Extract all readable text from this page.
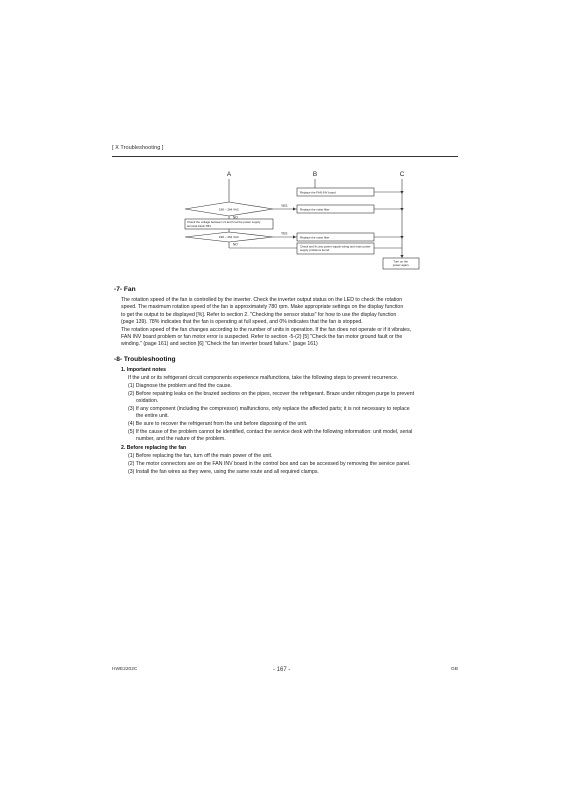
[ Ⅹ Troubleshooting ]
A	B	C
Replace the FAN INV board
198 ~ 264 VAC
YES
NO
Replace the noise filter
Check the voltage between L3 and N at the power supply terminal block TB1
198 ~ 264 VAC
YES
NO
Replace the noise filter
Check and fix any power supply wiring and main power supply problems found.
Turn on the power again.
-7- Fan

The rotation speed of the fan is controlled by the inverter. Check the inverter output status on the LED to check the rotation

speed. The maximum rotation speed of the fan is approximately 780 rpm. Make appropriate settings on the display function

to get the output to be displayed [%]. Refer to section 2. "Checking the sensor status" for how to use the display function

(page 139). 78% indicates that the fan is operating at full speed, and 0% indicates that the fan is stopped.

The rotation speed of the fan changes according to the number of units in operation. If the fan does not operate or if it vibrates,

FAN INV board problem or fan motor error is suspected. Refer to section -5-(2) [5] "Check the fan motor ground fault or the

winding." (page 161) and section [6] "Check the fan inverter board failure." (page 161)

-8- Troubleshooting
1. Important notes
If the unit or its refrigerant circuit components experience malfunctions, take the following steps to prevent recurrence.
(1) Diagnose the problem and find the cause.
(2) Before repairing leaks on the brazed sections on the pipes, recover the refrigerant. Braze under nitrogen purge to prevent
oxidation.
(3) If any component (including the compressor) malfunctions, only replace the affected parts; it is not necessary to replace
the entire unit.
(4) Be sure to recover the refrigerant from the unit before disposing of the unit.
(5) If the cause of the problem cannot be identified, contact the service desk with the following information: unit model, serial
number, and the nature of the problem.
2. Before replacing the fan
(1) Before replacing the fan, turn off the main power of the unit.
(2) The motor connectors are on the FAN INV board in the control box and can be accessed by removing the service panel.
(3) Install the fan wires as they were, using the same route and all required clamps.
HWE2202C	- 167 -	GB
